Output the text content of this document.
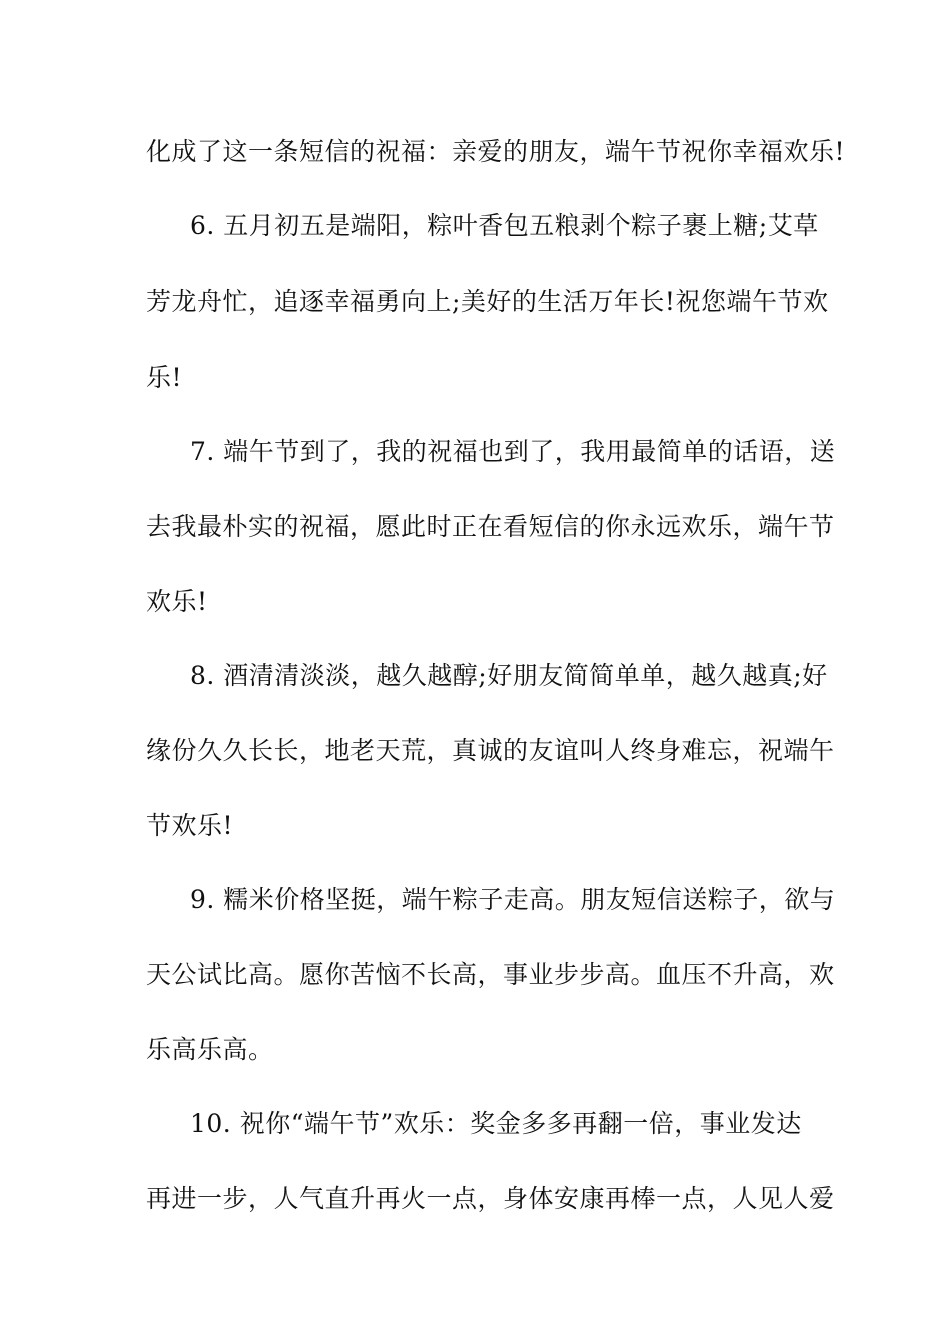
化成了这一条短信的祝福：亲爱的朋友，端午节祝你幸福欢乐!
6. 五月初五是端阳，粽叶香包五粮剥个粽子裹上糖;艾草
芳龙舟忙，追逐幸福勇向上;美好的生活万年长!祝您端午节欢
乐!
7. 端午节到了，我的祝福也到了，我用最简单的话语，送
去我最朴实的祝福，愿此时正在看短信的你永远欢乐，端午节
欢乐!
8. 酒清清淡淡，越久越醇;好朋友简简单单，越久越真;好
缘份久久长长，地老天荒，真诚的友谊叫人终身难忘，祝端午
节欢乐!
9. 糯米价格坚挺，端午粽子走高。朋友短信送粽子，欲与
天公试比高。愿你苦恼不长高，事业步步高。血压不升高，欢
乐高乐高。
10. 祝你“端午节”欢乐：奖金多多再翻一倍，事业发达
再进一步，人气直升再火一点，身体安康再棒一点，人见人爱
